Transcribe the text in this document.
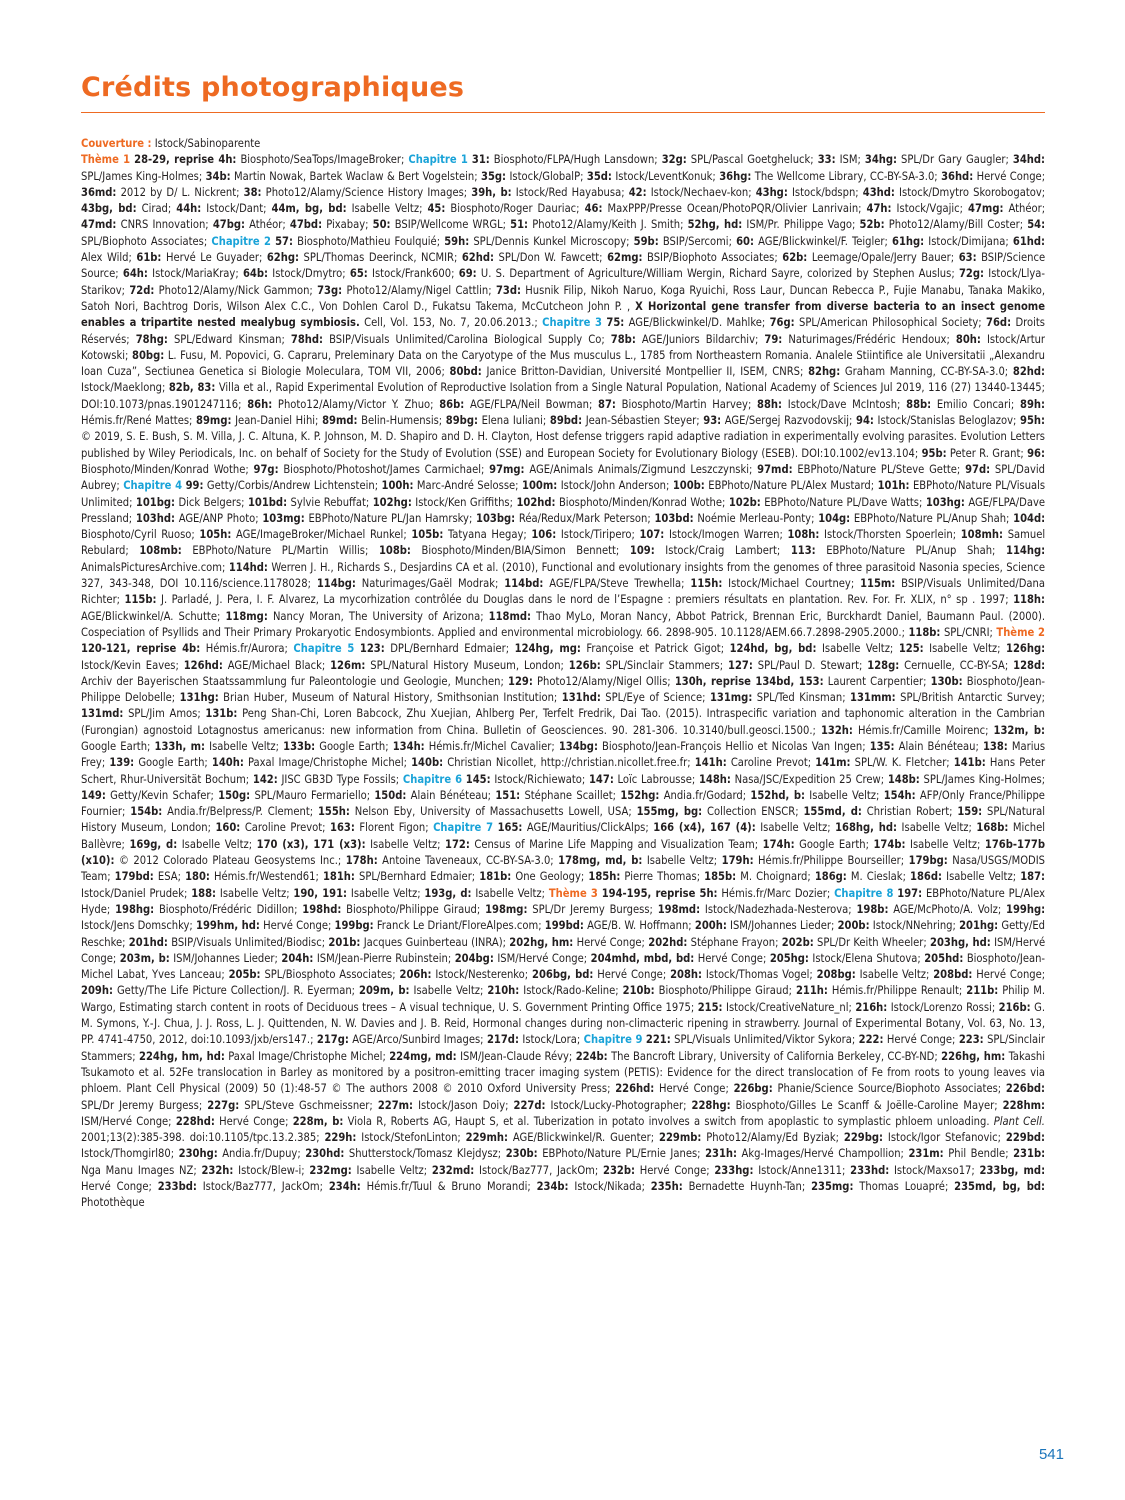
Crédits photographiques

Couverture : Istock/Sabinoparente

Thème 1 28-29, reprise 4h: Biosphoto/SeaTops/ImageBroker; Chapitre 1 31: Biosphoto/FLPA/Hugh Lansdown; 32g: SPL/Pascal Goetgheluck; 33: ISM; 34hg: SPL/Dr Gary Gaugler; 34hd: SPL/James King-Holmes; 34b: Martin Nowak, Bartek Waclaw & Bert Vogelstein; 35g: Istock/GlobalP; 35d: Istock/LeventKonuk; 36hg: The Wellcome Library, CC-BY-SA-3.0; 36hd: Hervé Conge; 36md: 2012 by D/ L. Nickrent; 38: Photo12/Alamy/Science History Images; 39h, b: Istock/Red Hayabusa; 42: Istock/Nechaev-kon; 43hg: Istock/bdspn; 43hd: Istock/Dmytro Skorobogatov; 43bg, bd: Cirad; 44h: Istock/Dant; 44m, bg, bd: Isabelle Veltz; 45: Biosphoto/Roger Dauriac; 46: MaxPPP/Presse Ocean/PhotoPQR/Olivier Lanrivain; 47h: Istock/Vgajic; 47mg: Athéor; 47md: CNRS Innovation; 47bg: Athéor; 47bd: Pixabay; 50: BSIP/Wellcome WRGL; 51: Photo12/Alamy/Keith J. Smith; 52hg, hd: ISM/Pr. Philippe Vago; 52b: Photo12/Alamy/Bill Coster; 54: SPL/Biophoto Associates; Chapitre 2 57: Biosphoto/Mathieu Foulquié; 59h: SPL/Dennis Kunkel Microscopy; 59b: BSIP/Sercomi; 60: AGE/Blickwinkel/F. Teigler; 61hg: Istock/Dimijana; 61hd: Alex Wild; 61b: Hervé Le Guyader; 62hg: SPL/Thomas Deerinck, NCMIR; 62hd: SPL/Don W. Fawcett; 62mg: BSIP/Biophoto Associates; 62b: Leemage/Opale/Jerry Bauer; 63: BSIP/Science Source; 64h: Istock/MariaKray; 64b: Istock/Dmytro; 65: Istock/Frank600; 69: U. S. Department of Agriculture/William Wergin, Richard Sayre, colorized by Stephen Auslus; 72g: Istock/Llya-Starikov; 72d: Photo12/Alamy/Nick Gammon; 73g: Photo12/Alamy/Nigel Cattlin; 73d: Husnik Filip, Nikoh Naruo, Koga Ryuichi, Ross Laur, Duncan Rebecca P., Fujie Manabu, Tanaka Makiko, Satoh Nori, Bachtrog Doris, Wilson Alex C.C., Von Dohlen Carol D., Fukatsu Takema, McCutcheon John P. , X Horizontal gene transfer from diverse bacteria to an insect genome enables a tripartite nested mealybug symbiosis. Cell, Vol. 153, No. 7, 20.06.2013.; Chapitre 3 75: AGE/Blickwinkel/D. Mahlke; 76g: SPL/American Philosophical Society; 76d: Droits Réservés; 78hg: SPL/Edward Kinsman; 78hd: BSIP/Visuals Unlimited/Carolina Biological Supply Co; 78b: AGE/Juniors Bildarchiv; 79: Naturimages/Frédéric Hendoux; 80h: Istock/Artur Kotowski; 80bg: L. Fusu, M. Popovici, G. Capraru, Preleminary Data on the Caryotype of the Mus musculus L., 1785 from Northeastern Romania. Analele Stiintifice ale Universitatii „Alexandru Ioan Cuza”, Sectiunea Genetica si Biologie Moleculara, TOM VII, 2006; 80bd: Janice Britton-Davidian, Université Montpellier II, ISEM, CNRS; 82hg: Graham Manning, CC-BY-SA-3.0; 82hd: Istock/Maeklong; 82b, 83: Villa et al., Rapid Experimental Evolution of Reproductive Isolation from a Single Natural Population, National Academy of Sciences Jul 2019, 116 (27) 13440-13445; DOI:10.1073/pnas.1901247116; 86h: Photo12/Alamy/Victor Y. Zhuo; 86b: AGE/FLPA/Neil Bowman; 87: Biosphoto/Martin Harvey; 88h: Istock/Dave McIntosh; 88b: Emilio Concari; 89h: Hémis.fr/René Mattes; 89mg: Jean-Daniel Hihi; 89md: Belin-Humensis; 89bg: Elena Iuliani; 89bd: Jean-Sébastien Steyer; 93: AGE/Sergej Razvodovskij; 94: Istock/Stanislas Beloglazov; 95h: © 2019, S. E. Bush, S. M. Villa, J. C. Altuna, K. P. Johnson, M. D. Shapiro and D. H. Clayton, Host defense triggers rapid adaptive radiation in experimentally evolving parasites. Evolution Letters published by Wiley Periodicals, Inc. on behalf of Society for the Study of Evolution (SSE) and European Society for Evolutionary Biology (ESEB). DOI:10.1002/ev13.104; 95b: Peter R. Grant; 96: Biosphoto/Minden/Konrad Wothe; 97g: Biosphoto/Photoshot/James Carmichael; 97mg: AGE/Animals Animals/Zigmund Leszczynski; 97md: EBPhoto/Nature PL/Steve Gette; 97d: SPL/David Aubrey; Chapitre 4 99: Getty/Corbis/Andrew Lichtenstein; 100h: Marc-André Selosse; 100m: Istock/John Anderson; 100b: EBPhoto/Nature PL/Alex Mustard; 101h: EBPhoto/Nature PL/Visuals Unlimited; 101bg: Dick Belgers; 101bd: Sylvie Rebuffat; 102hg: Istock/Ken Griffiths; 102hd: Biosphoto/Minden/Konrad Wothe; 102b: EBPhoto/Nature PL/Dave Watts; 103hg: AGE/FLPA/Dave Pressland; 103hd: AGE/ANP Photo; 103mg: EBPhoto/Nature PL/Jan Hamrsky; 103bg: Réa/Redux/Mark Peterson; 103bd: Noémie Merleau-Ponty; 104g: EBPhoto/Nature PL/Anup Shah; 104d: Biosphoto/Cyril Ruoso; 105h: AGE/ImageBroker/Michael Runkel; 105b: Tatyana Hegay; 106: Istock/Tiripero; 107: Istock/Imogen Warren; 108h: Istock/Thorsten Spoerlein; 108mh: Samuel Rebulard; 108mb: EBPhoto/Nature PL/Martin Willis; 108b: Biosphoto/Minden/BIA/Simon Bennett; 109: Istock/Craig Lambert; 113: EBPhoto/Nature PL/Anup Shah; 114hg: AnimalsPicturesArchive.com; 114hd: Werren J. H., Richards S., Desjardins CA et al. (2010), Functional and evolutionary insights from the genomes of three parasitoid Nasonia species, Science 327, 343-348, DOI 10.116/science.1178028; 114bg: Naturimages/Gaël Modrak; 114bd: AGE/FLPA/Steve Trewhella; 115h: Istock/Michael Courtney; 115m: BSIP/Visuals Unlimited/Dana Richter; 115b: J. Parladé, J. Pera, I. F. Alvarez, La mycorhization contrôlée du Douglas dans le nord de l’Espagne : premiers résultats en plantation. Rev. For. Fr. XLIX, n° sp . 1997; 118h: AGE/Blickwinkel/A. Schutte; 118mg: Nancy Moran, The University of Arizona; 118md: Thao MyLo, Moran Nancy, Abbot Patrick, Brennan Eric, Burckhardt Daniel, Baumann Paul. (2000). Cospeciation of Psyllids and Their Primary Prokaryotic Endosymbionts. Applied and environmental microbiology. 66. 2898-905. 10.1128/AEM.66.7.2898-2905.2000.; 118b: SPL/CNRI; Thème 2 120-121, reprise 4b: Hémis.fr/Aurora; Chapitre 5 123: DPL/Bernhard Edmaier; 124hg, mg: Françoise et Patrick Gigot; 124hd, bg, bd: Isabelle Veltz; 125: Isabelle Veltz; 126hg: Istock/Kevin Eaves; 126hd: AGE/Michael Black; 126m: SPL/Natural History Museum, London; 126b: SPL/Sinclair Stammers; 127: SPL/Paul D. Stewart; 128g: Cernuelle, CC-BY-SA; 128d: Archiv der Bayerischen Staatssammlung fur Paleontologie und Geologie, Munchen; 129: Photo12/Alamy/Nigel Ollis; 130h, reprise 134bd, 153: Laurent Carpentier; 130b: Biosphoto/Jean-Philippe Delobelle; 131hg: Brian Huber, Museum of Natural History, Smithsonian Institution; 131hd: SPL/Eye of Science; 131mg: SPL/Ted Kinsman; 131mm: SPL/British Antarctic Survey; 131md: SPL/Jim Amos; 131b: Peng Shan-Chi, Loren Babcock, Zhu Xuejian, Ahlberg Per, Terfelt Fredrik, Dai Tao. (2015). Intraspecific variation and taphonomic alteration in the Cambrian (Furongian) agnostoid Lotagnostus americanus: new information from China. Bulletin of Geosciences. 90. 281-306. 10.3140/bull.geosci.1500.; 132h: Hémis.fr/Camille Moirenc; 132m, b: Google Earth; 133h, m: Isabelle Veltz; 133b: Google Earth; 134h: Hémis.fr/Michel Cavalier; 134bg: Biosphoto/Jean-François Hellio et Nicolas Van Ingen; 135: Alain Bénéteau; 138: Marius Frey; 139: Google Earth; 140h: Paxal Image/Christophe Michel; 140b: Christian Nicollet, http://christian.nicollet.free.fr; 141h: Caroline Prevot; 141m: SPL/W. K. Fletcher; 141b: Hans Peter Schert, Rhur-Universität Bochum; 142: JISC GB3D Type Fossils; Chapitre 6 145: Istock/Richiewato; 147: Loïc Labrousse; 148h: Nasa/JSC/Expedition 25 Crew; 148b: SPL/James King-Holmes; 149: Getty/Kevin Schafer; 150g: SPL/Mauro Fermariello; 150d: Alain Bénéteau; 151: Stéphane Scaillet; 152hg: Andia.fr/Godard; 152hd, b: Isabelle Veltz; 154h: AFP/Only France/Philippe Fournier; 154b: Andia.fr/Belpress/P. Clement; 155h: Nelson Eby, University of Massachusetts Lowell, USA; 155mg, bg: Collection ENSCR; 155md, d: Christian Robert; 159: SPL/Natural History Museum, London; 160: Caroline Prevot; 163: Florent Figon; Chapitre 7 165: AGE/Mauritius/ClickAlps; 166 (x4), 167 (4): Isabelle Veltz; 168hg, hd: Isabelle Veltz; 168b: Michel Ballèvre; 169g, d: Isabelle Veltz; 170 (x3), 171 (x3): Isabelle Veltz; 172: Census of Marine Life Mapping and Visualization Team; 174h: Google Earth; 174b: Isabelle Veltz; 176b-177b (x10): © 2012 Colorado Plateau Geosystems Inc.; 178h: Antoine Taveneaux, CC-BY-SA-3.0; 178mg, md, b: Isabelle Veltz; 179h: Hémis.fr/Philippe Bourseiller; 179bg: Nasa/USGS/MODIS Team; 179bd: ESA; 180: Hémis.fr/Westend61; 181h: SPL/Bernhard Edmaier; 181b: One Geology; 185h: Pierre Thomas; 185b: M. Choignard; 186g: M. Cieslak; 186d: Isabelle Veltz; 187: Istock/Daniel Prudek; 188: Isabelle Veltz; 190, 191: Isabelle Veltz; 193g, d: Isabelle Veltz; Thème 3 194-195, reprise 5h: Hémis.fr/Marc Dozier; Chapitre 8 197: EBPhoto/Nature PL/Alex Hyde; 198hg: Biosphoto/Frédéric Didillon; 198hd: Biosphoto/Philippe Giraud; 198mg: SPL/Dr Jeremy Burgess; 198md: Istock/Nadezhada-Nesterova; 198b: AGE/McPhoto/A. Volz; 199hg: Istock/Jens Domschky; 199hm, hd: Hervé Conge; 199bg: Franck Le Driant/FloreAlpes.com; 199bd: AGE/B. W. Hoffmann; 200h: ISM/Johannes Lieder; 200b: Istock/NNehring; 201hg: Getty/Ed Reschke; 201hd: BSIP/Visuals Unlimited/Biodisc; 201b: Jacques Guinberteau (INRA); 202hg, hm: Hervé Conge; 202hd: Stéphane Frayon; 202b: SPL/Dr Keith Wheeler; 203hg, hd: ISM/Hervé Conge; 203m, b: ISM/Johannes Lieder; 204h: ISM/Jean-Pierre Rubinstein; 204bg: ISM/Hervé Conge; 204mhd, mbd, bd: Hervé Conge; 205hg: Istock/Elena Shutova; 205hd: Biosphoto/Jean-Michel Labat, Yves Lanceau; 205b: SPL/Biosphoto Associates; 206h: Istock/Nesterenko; 206bg, bd: Hervé Conge; 208h: Istock/Thomas Vogel; 208bg: Isabelle Veltz; 208bd: Hervé Conge; 209h: Getty/The Life Picture Collection/J. R. Eyerman; 209m, b: Isabelle Veltz; 210h: Istock/Rado-Keline; 210b: Biosphoto/Philippe Giraud; 211h: Hémis.fr/Philippe Renault; 211b: Philip M. Wargo, Estimating starch content in roots of Deciduous trees – A visual technique, U. S. Government Printing Office 1975; 215: Istock/CreativeNature_nl; 216h: Istock/Lorenzo Rossi; 216b: G. M. Symons, Y.-J. Chua, J. J. Ross, L. J. Quittenden, N. W. Davies and J. B. Reid, Hormonal changes during non-climacteric ripening in strawberry. Journal of Experimental Botany, Vol. 63, No. 13, PP. 4741-4750, 2012, doi:10.1093/jxb/ers147.; 217g: AGE/Arco/Sunbird Images; 217d: Istock/Lora; Chapitre 9 221: SPL/Visuals Unlimited/Viktor Sykora; 222: Hervé Conge; 223: SPL/Sinclair Stammers; 224hg, hm, hd: Paxal Image/Christophe Michel; 224mg, md: ISM/Jean-Claude Révy; 224b: The Bancroft Library, University of California Berkeley, CC-BY-ND; 226hg, hm: Takashi Tsukamoto et al. 52Fe translocation in Barley as monitored by a positron-emitting tracer imaging system (PETIS): Evidence for the direct translocation of Fe from roots to young leaves via phloem. Plant Cell Physical (2009) 50 (1):48-57 © The authors 2008 © 2010 Oxford University Press; 226hd: Hervé Conge; 226bg: Phanie/Science Source/Biophoto Associates; 226bd: SPL/Dr Jeremy Burgess; 227g: SPL/Steve Gschmeissner; 227m: Istock/Jason Doiy; 227d: Istock/Lucky-Photographer; 228hg: Biosphoto/Gilles Le Scanff & Joëlle-Caroline Mayer; 228hm: ISM/Hervé Conge; 228hd: Hervé Conge; 228m, b: Viola R, Roberts AG, Haupt S, et al. Tuberization in potato involves a switch from apoplastic to symplastic phloem unloading. Plant Cell. 2001;13(2):385-398. doi:10.1105/tpc.13.2.385; 229h: Istock/StefonLinton; 229mh: AGE/Blickwinkel/R. Guenter; 229mb: Photo12/Alamy/Ed Byziak; 229bg: Istock/Igor Stefanovic; 229bd: Istock/Thomgirl80; 230hg: Andia.fr/Dupuy; 230hd: Shutterstock/Tomasz Klejdysz; 230b: EBPhoto/Nature PL/Ernie Janes; 231h: Akg-Images/Hervé Champollion; 231m: Phil Bendle; 231b: Nga Manu Images NZ; 232h: Istock/Blew-i; 232mg: Isabelle Veltz; 232md: Istock/Baz777, JackOm; 232b: Hervé Conge; 233hg: Istock/Anne1311; 233hd: Istock/Maxso17; 233bg, md: Hervé Conge; 233bd: Istock/Baz777, JackOm; 234h: Hémis.fr/Tuul & Bruno Morandi; 234b: Istock/Nikada; 235h: Bernadette Huynh-Tan; 235mg: Thomas Louapré; 235md, bg, bd: Photothèque

541
